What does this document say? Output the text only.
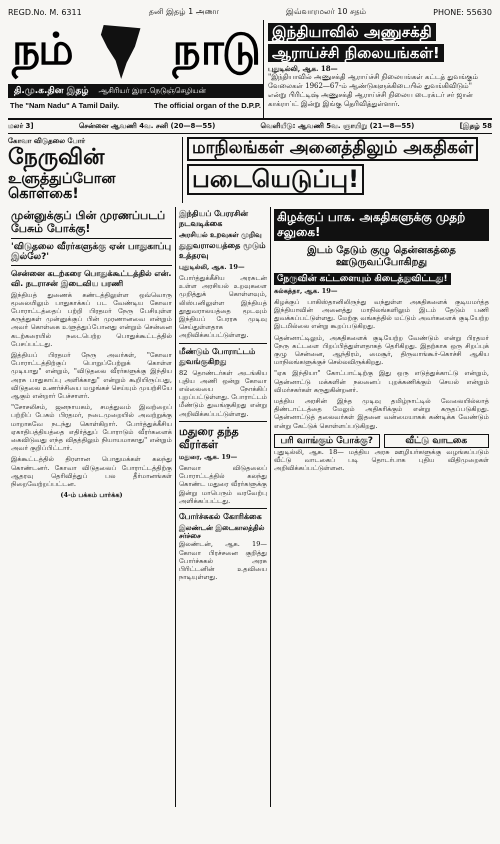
REGD.No. M. 6311	தனி இதழ் 1 அணா	இவ்வாரமலர் 10 சதம்	PHONE: 55630
நம் நாடு
தி.மு.க.தின இதழ்	ஆசிரியர் இரா.நெடுஞ்செழியன்
The "Nam Nadu" A Tamil Daily.	The official organ of the D.P.P.
இந்தியாவில் அணுசக்தி
ஆராய்ச்சி நிலையங்கள்!
புதுடில்லி, ஆக. 18—
"இந்தியாவில் அணுசக்தி ஆராய்ச்சி நிலையங்கள் கட்டத் துவங்கும் வேலைகள் 1962—67-ம் ஆண்டுகளுக்கிடையில் துவங்கிவிடும்" என்று பிரிட்டிஷ் அணுசக்தி ஆராய்ச்சி நிலைய டைரக்டர் சர் ஜான் காக்ராப்ட் இன்று இங்கு தெரிவித்துள்ளார்.
மலர் 3]	சென்னை ஆவணி 4வ. சனி (20—8—55)	வெளியீடு: ஆவணி 5வ. ஞாயிறு (21—8—55)	[இதழ் 58
கோவா விடுதலை போர்
நேருவின்
உளுத்துப்போன கொள்கை!
மாநிலங்கள் அனைத்திலும் அகதிகள் படையெடுப்பு!
முன்னுக்குப் பின் முரணப்படப் பேசும் போக்கு!
'விடுதலை வீரர்களுக்கு ஏன் பாதுகாப்பு இல்லே?'
சென்னை கடற்கரை பொதுக்கூட்டத்தில் என். வி. நடராசன் இடைவிய பரணி

இந்தியத் துணைக் கண்டத்திலுள்ள ஒவ்வொரு மூலையிலும் பாதுகாக்கப் பட வேண்டிய கோவா போராட்டத்தைப் பற்றி பிரதமர் நேரு பேசியுள்ள கருத்துகள் முன்னுக்குப் பின் முரணானவை என்றும் அவர் கொள்கை உளுத்துப்போனது என்றும் சென்னை கடற்கரையில் நடைபெற்ற பொதுக்கூட்டத்தில் பேசப்பட்டது.

இத்தியப் பிரதமர் நேரு அவர்கள், "கோவா போராட்டத்திற்குப் பொறுப்பேற்றுக் கொள்ள முடியாது" என்றும், "விடுதலை வீரர்களுக்கு இந்திய அரசு பாதுகாப்பு அளிக்காது" என்றும் கூறியிருப்பது, விடுதலை உணர்ச்சியை மழுங்கச் செய்யும் முயற்சியே ஆகும் என்றார் பேச்சாளர்.

"சோசலிசம், ஜனநாயகம், சமத்துவம் இவற்றைப் பற்றிப் பேசும் பிரதமர், நடைமுறையில் அவற்றுக்கு மாறாகவே நடந்து கொள்கிறார். போர்த்துக்கீசிய ஏகாதிபத்தியத்தை எதிர்த்துப் போராடும் வீரர்களைக் கைவிடுவது எந்த விதத்திலும் நியாயமாகாது" என்றும் அவர் குறிப்பிட்டார்.

இக்கூட்டத்தில் திரளான பொதுமக்கள் கலந்து கொண்டனர். கோவா விடுதலைப் போராட்டத்திற்கு ஆதரவு தெரிவித்துப் பல தீர்மானங்கள் நிறைவேற்றப்பட்டன.

(4-ம் பக்கம் பார்க்க)

இந்தியப் பேரரசின் நடவடிக்கை
அரசியல் உறவுகள் முறிவு
துதுவராலயத்தை மூடும் உத்தரவு

புதுடில்லி, ஆக. 19—

போர்த்துக்கீசிய அரசுடன் உள்ள அரசியல் உறவுகளை முறித்துக் கொள்ளவும், லிஸ்பனிலுள்ள இந்தியத் தூதுவராலயத்தை மூடவும் இந்தியப் பேரரசு முடிவு செய்துள்ளதாக அறிவிக்கப்பட்டுள்ளது.

மீண்டும் போராட்டம் துவங்குகிறது

82 தொண்டர்கள் அடங்கிய புதிய அணி ஒன்று கோவா எல்லையை நோக்கிப் புறப்பட்டுள்ளது. போராட்டம் மீண்டும் துவங்குகிறது என்று அறிவிக்கப்பட்டுள்ளது.

மதுரை தந்த வீரர்கள்

மதுரை, ஆக. 19—

கோவா விடுதலைப் போராட்டத்தில் கலந்து கொண்ட மதுரை வீரர்களுக்கு இன்று மாபெரும் வரவேற்பு அளிக்கப்பட்டது.

போர்ச்சுகல் கோரிக்கை
இலண்டன் இடைகாலத்தில் சர்ச்சை

இலண்டன், ஆக. 19— கோவா பிரச்சனை குறித்து போர்ச்சுகல் அரசு பிரிட்டனின் உதவியை நாடியுள்ளது.

கிழக்குப் பாக. அகதிகளுக்கு முதற் சலுகை!
இடம் தேடும் குழு தென்னகத்தை ஊடுருவப்போகிறது
நேருவின் கட்டளையும் கிடைத்துவிட்டது!

கல்கத்தா, ஆக. 19—

கிழக்குப் பாகிஸ்தானிலிருந்து வந்துள்ள அகதிகளைக் குடியமர்த்த இந்தியாவின் அனைத்து மாநிலங்களிலும் இடம் தேடும் பணி துவக்கப்பட்டுள்ளது. மேற்கு வங்கத்தில் மட்டும் அவர்களைக் குடியேற்ற இடமில்லை என்று கூறப்படுகிறது.

தென்னாட்டிலும், அகதிகளைக் குடியேற்ற வேண்டும் என்று பிரதமர் நேரு கட்டளை பிறப்பித்துள்ளதாகத் தெரிகிறது. இதற்காக ஒரு சிறப்புக் குழு சென்னை, ஆந்திரம், மைசூர், திருவாங்கூர்-கொச்சி ஆகிய மாநிலங்களுக்குச் செல்லவிருக்கிறது.

"ஏக இந்தியா" கோட்பாட்டிற்கு இது ஒரு எடுத்துக்காட்டு என்றும், தென்னாட்டு மக்களின் நலனைப் புறக்கணிக்கும் செயல் என்றும் விமர்சகர்கள் கருதுகின்றனர்.

மத்திய அரசின் இந்த முடிவு தமிழ்நாட்டில் வேலையில்லாத் திண்டாட்டத்தை மேலும் அதிகரிக்கும் என்று கருதப்படுகிறது. தென்னாட்டுத் தலைவர்கள் இதனை வன்மையாகக் கண்டிக்க வேண்டும் என்று கேட்டுக் கொள்ளப்படுகிறது.

பரி வாங்கும் போக்கு?	வீட்டு வாடகை

புதுடில்லி, ஆக. 18— மத்திய அரசு ஊழியர்களுக்கு வழங்கப்படும் வீட்டு வாடகைப் படி தொடர்பாக புதிய விதிமுறைகள் அறிவிக்கப்பட்டுள்ளன.
